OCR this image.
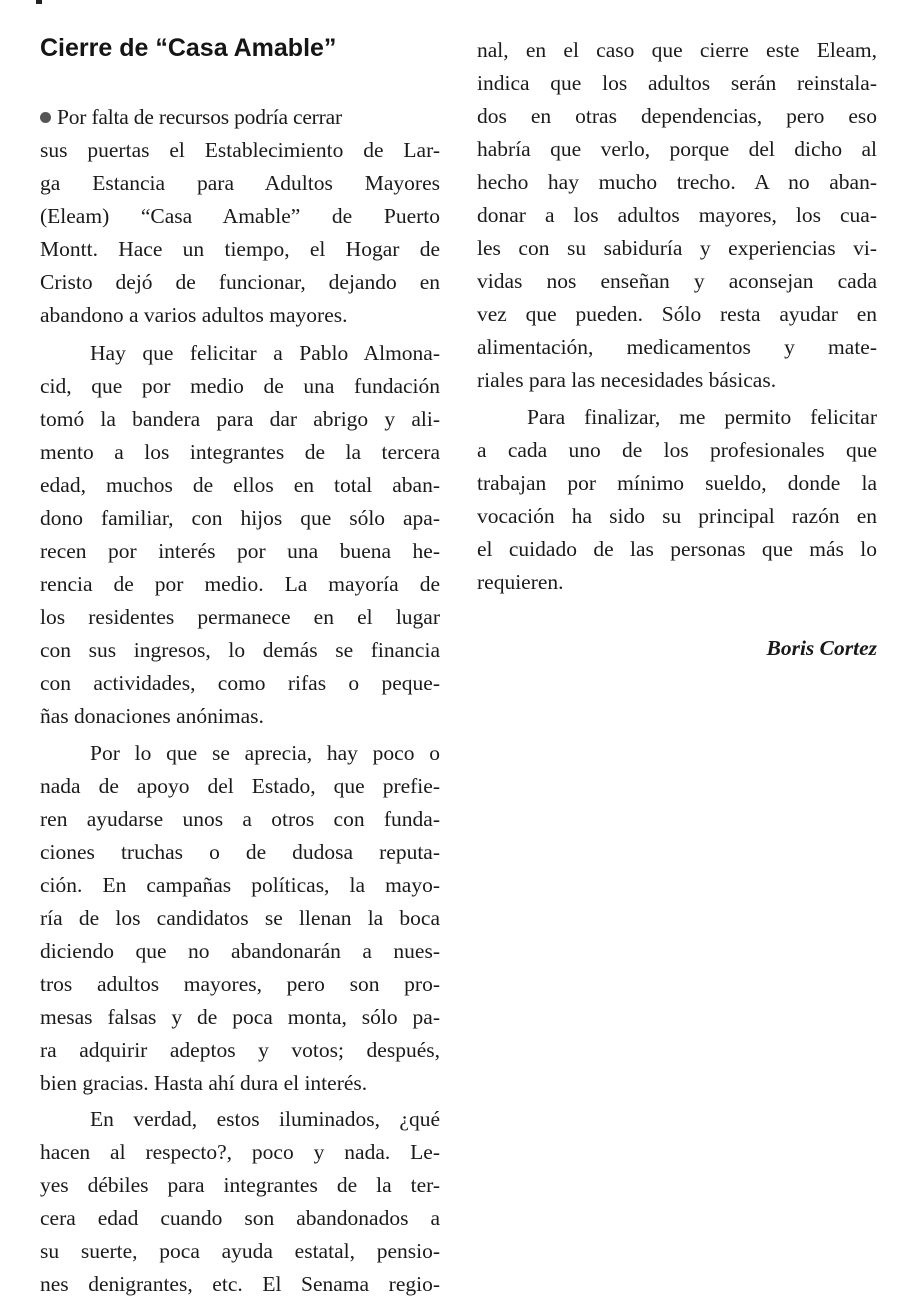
Cierre de “Casa Amable”
Por falta de recursos podría cerrar
sus puertas el Establecimiento de Lar-
ga Estancia para Adultos Mayores
(Eleam) “Casa Amable” de Puerto
Montt. Hace un tiempo, el Hogar de
Cristo dejó de funcionar, dejando en
abandono a varios adultos mayores.
Hay que felicitar a Pablo Almona-
cid, que por medio de una fundación
tomó la bandera para dar abrigo y ali-
mento a los integrantes de la tercera
edad, muchos de ellos en total aban-
dono familiar, con hijos que sólo apa-
recen por interés por una buena he-
rencia de por medio. La mayoría de
los residentes permanece en el lugar
con sus ingresos, lo demás se financia
con actividades, como rifas o peque-
ñas donaciones anónimas.
Por lo que se aprecia, hay poco o
nada de apoyo del Estado, que prefie-
ren ayudarse unos a otros con funda-
ciones truchas o de dudosa reputa-
ción. En campañas políticas, la mayo-
ría de los candidatos se llenan la boca
diciendo que no abandonarán a nues-
tros adultos mayores, pero son pro-
mesas falsas y de poca monta, sólo pa-
ra adquirir adeptos y votos; después,
bien gracias. Hasta ahí dura el interés.
En verdad, estos iluminados, ¿qué
hacen al respecto?, poco y nada. Le-
yes débiles para integrantes de la ter-
cera edad cuando son abandonados a
su suerte, poca ayuda estatal, pensio-
nes denigrantes, etc. El Senama regio-
nal, en el caso que cierre este Eleam,
indica que los adultos serán reinstala-
dos en otras dependencias, pero eso
habría que verlo, porque del dicho al
hecho hay mucho trecho. A no aban-
donar a los adultos mayores, los cua-
les con su sabiduría y experiencias vi-
vidas nos enseñan y aconsejan cada
vez que pueden. Sólo resta ayudar en
alimentación, medicamentos y mate-
riales para las necesidades básicas.
Para finalizar, me permito felicitar
a cada uno de los profesionales que
trabajan por mínimo sueldo, donde la
vocación ha sido su principal razón en
el cuidado de las personas que más lo
requieren.
Boris Cortez
